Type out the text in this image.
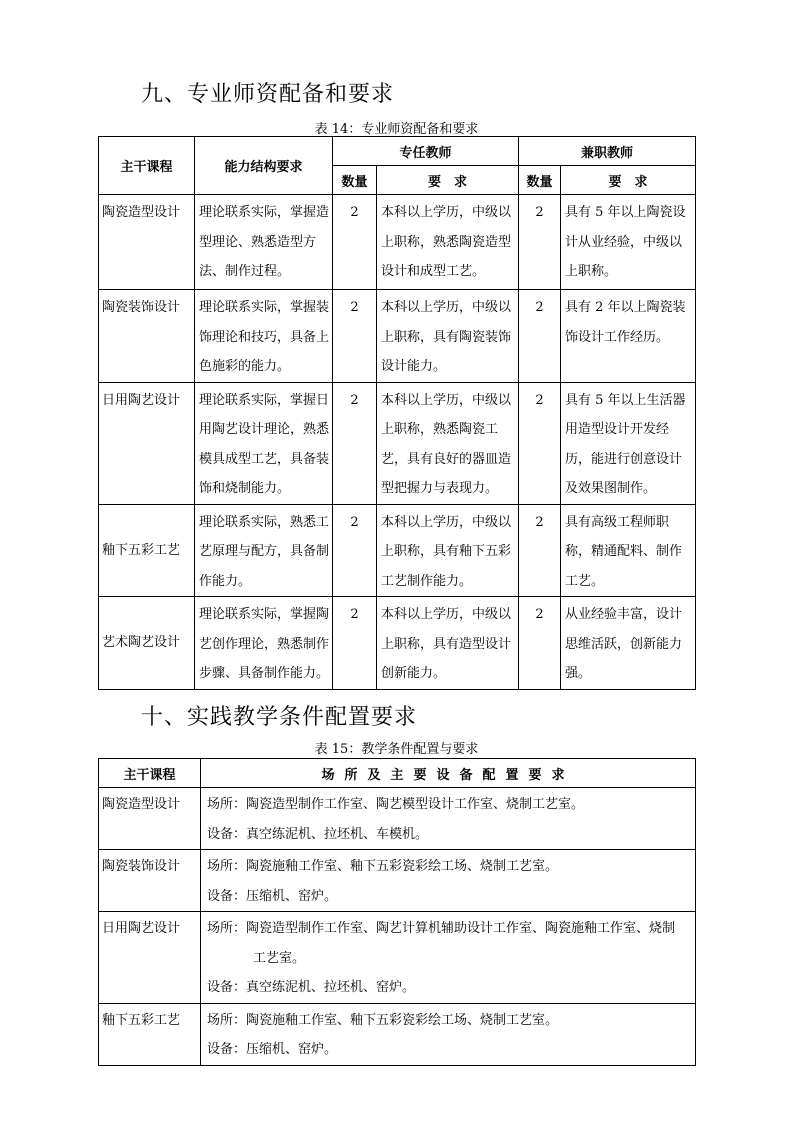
九、专业师资配备和要求
表 14：专业师资配备和要求
主干课程	能力结构要求	专任教师		兼职教师	
		数量	要　求	数量	要　求
陶瓷造型设计	理论联系实际，掌握造型理论、熟悉造型方法、制作过程。	2	本科以上学历，中级以上职称，熟悉陶瓷造型设计和成型工艺。	2	具有 5 年以上陶瓷设计从业经验，中级以上职称。
陶瓷装饰设计	理论联系实际，掌握装饰理论和技巧，具备上色施彩的能力。	2	本科以上学历，中级以上职称，具有陶瓷装饰设计能力。	2	具有 2 年以上陶瓷装饰设计工作经历。
日用陶艺设计	理论联系实际，掌握日用陶艺设计理论，熟悉模具成型工艺，具备装饰和烧制能力。	2	本科以上学历，中级以上职称，熟悉陶瓷工艺，具有良好的器皿造型把握力与表现力。	2	具有 5 年以上生活器用造型设计开发经历，能进行创意设计及效果图制作。
釉下五彩工艺	理论联系实际，熟悉工艺原理与配方，具备制作能力。	2	本科以上学历，中级以上职称，具有釉下五彩工艺制作能力。	2	具有高级工程师职称，精通配料、制作工艺。
艺术陶艺设计	理论联系实际，掌握陶艺创作理论，熟悉制作步骤、具备制作能力。	2	本科以上学历，中级以上职称，具有造型设计创新能力。	2	从业经验丰富，设计思维活跃，创新能力强。
十、实践教学条件配置要求
表 15：教学条件配置与要求
主干课程	场所及主要设备配置要求
陶瓷造型设计	场所：陶瓷造型制作工作室、陶艺模型设计工作室、烧制工艺室。
设备：真空练泥机、拉坯机、车模机。

陶瓷装饰设计	场所：陶瓷施釉工作室、釉下五彩瓷彩绘工场、烧制工艺室。
设备：压缩机、窑炉。

日用陶艺设计	场所：陶瓷造型制作工作室、陶艺计算机辅助设计工作室、陶瓷施釉工作室、烧制
工艺室。
设备：真空练泥机、拉坯机、窑炉。

釉下五彩工艺	场所：陶瓷施釉工作室、釉下五彩瓷彩绘工场、烧制工艺室。
设备：压缩机、窑炉。
